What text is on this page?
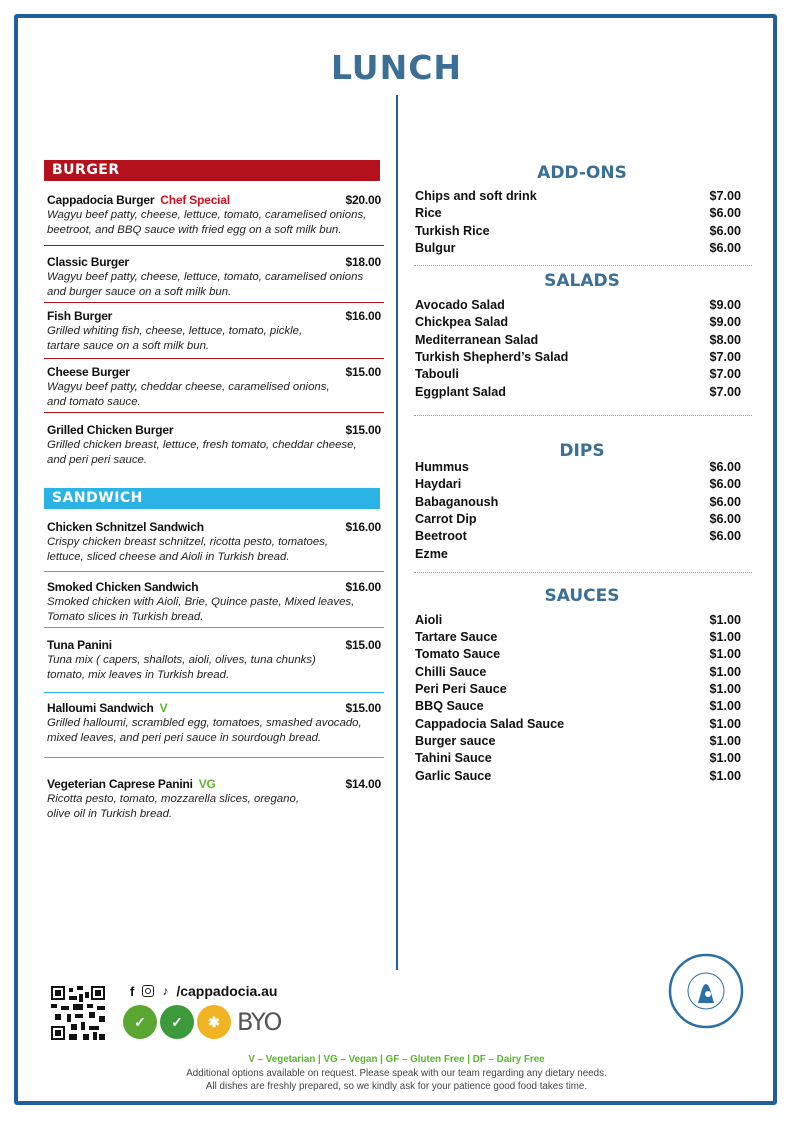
LUNCH
BURGER
Cappadocia Burger Chef Special	$20.00
Wagyu beef patty, cheese, lettuce, tomato, caramelised onions,
beetroot, and BBQ sauce with fried egg on a soft milk bun.
Classic Burger	$18.00
Wagyu beef patty, cheese, lettuce, tomato, caramelised onions
and burger sauce on a soft milk bun.
Fish Burger	$16.00
Grilled whiting fish, cheese, lettuce, tomato, pickle,
tartare sauce on a soft milk bun.
Cheese Burger	$15.00
Wagyu beef patty, cheddar cheese, caramelised onions,
and tomato sauce.
Grilled Chicken Burger	$15.00
Grilled chicken breast, lettuce, fresh tomato, cheddar cheese,
and peri peri sauce.
SANDWICH
Chicken Schnitzel Sandwich	$16.00
Crispy chicken breast schnitzel, ricotta pesto, tomatoes,
lettuce, sliced cheese and Aioli in Turkish bread.
Smoked Chicken Sandwich	$16.00
Smoked chicken with Aioli, Brie, Quince paste, Mixed leaves,
Tomato slices in Turkish bread.
Tuna Panini	$15.00
Tuna mix ( capers, shallots, aioli, olives, tuna chunks)
tomato, mix leaves in Turkish bread.
Halloumi Sandwich V	$15.00
Grilled halloumi, scrambled egg, tomatoes, smashed avocado,
mixed leaves, and peri peri sauce in sourdough bread.
Vegeterian Caprese Panini VG	$14.00
Ricotta pesto, tomato, mozzarella slices, oregano,
olive oil in Turkish bread.
ADD-ONS
Chips and soft drink	$7.00
Rice	$6.00
Turkish Rice	$6.00
Bulgur	$6.00
SALADS
Avocado Salad	$9.00
Chickpea Salad	$9.00
Mediterranean Salad	$8.00
Turkish Shepherd’s Salad	$7.00
Tabouli	$7.00
Eggplant Salad	$7.00
DIPS
Hummus	$6.00
Haydari	$6.00
Babaganoush	$6.00
Carrot Dip	$6.00
Beetroot	$6.00
Ezme
SAUCES
Aioli	$1.00
Tartare Sauce	$1.00
Tomato Sauce	$1.00
Chilli Sauce	$1.00
Peri Peri Sauce	$1.00
BBQ Sauce	$1.00
Cappadocia Salad Sauce	$1.00
Burger sauce	$1.00
Tahini Sauce	$1.00
Garlic Sauce	$1.00
f ♪ /cappadocia.au
✓	✓	✱ BYO
V – Vegetarian | VG – Vegan | GF – Gluten Free | DF – Dairy Free
Additional options available on request. Please speak with our team regarding any dietary needs.
All dishes are freshly prepared, so we kindly ask for your patience good food takes time.
